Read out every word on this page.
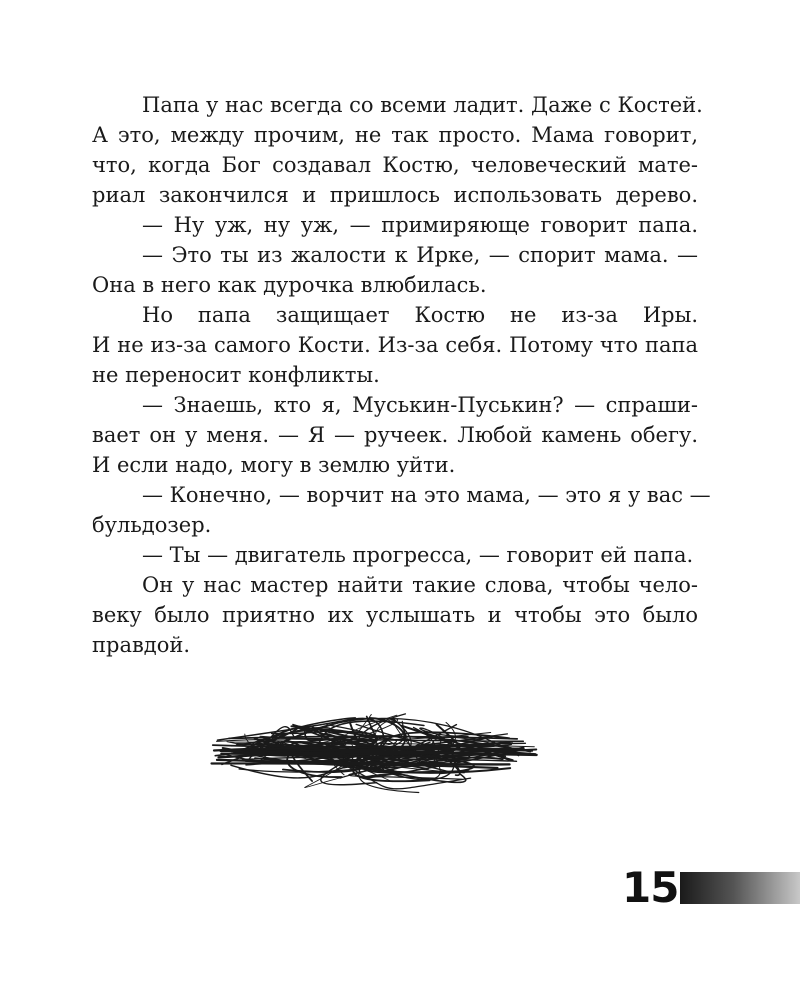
Папа у нас всегда со всеми ладит. Даже с Костей.
А это, между прочим, не так просто. Мама говорит,
что, когда Бог создавал Костю, человеческий мате-
риал закончился и пришлось использовать дерево.
— Ну уж, ну уж, — примиряюще говорит папа.
— Это ты из жалости к Ирке, — спорит мама. —
Она в него как дурочка влюбилась.
Но папа защищает Костю не из-за Иры.
И не из-за самого Кости. Из-за себя. Потому что папа
не переносит конфликты.
— Знаешь, кто я, Муськин-Пуськин? — спраши-
вает он у меня. — Я — ручеек. Любой камень обегу.
И если надо, могу в землю уйти.
— Конечно, — ворчит на это мама, — это я у вас —
бульдозер.
— Ты — двигатель прогресса, — говорит ей папа.
Он у нас мастер найти такие слова, чтобы чело-
веку было приятно их услышать и чтобы это было
правдой.
15
